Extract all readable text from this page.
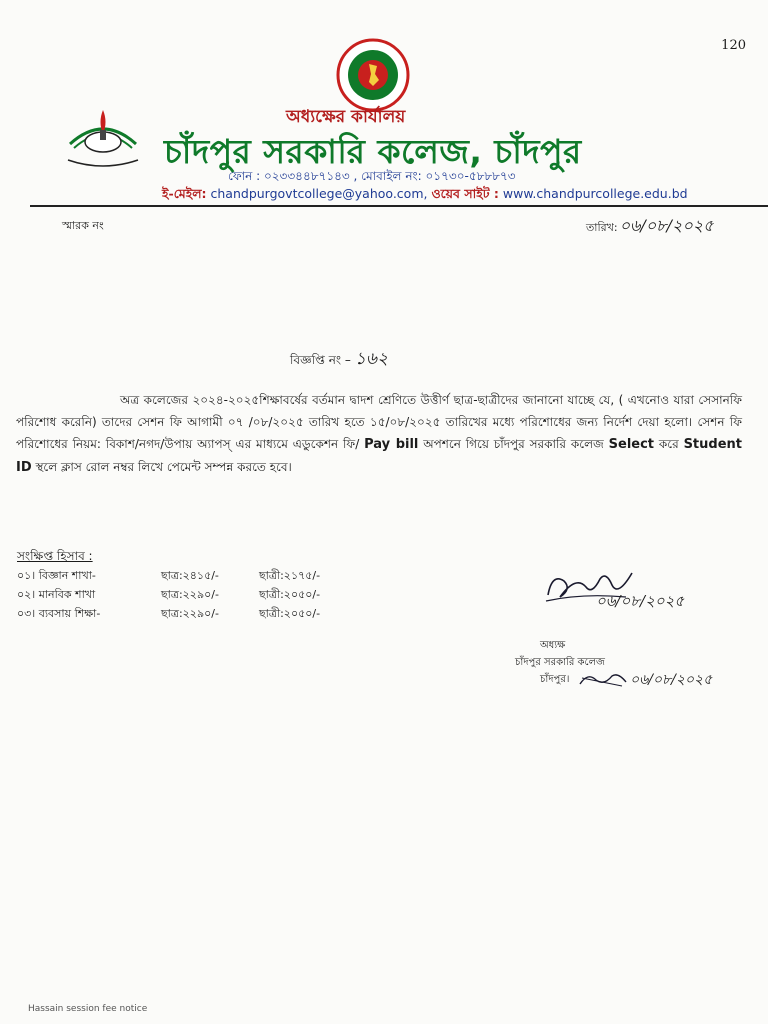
120
অধ্যক্ষের কার্যালয়
চাঁদপুর সরকারি কলেজ, চাঁদপুর
ফোন : ০২৩৩৪৪৮৭১৪৩ , মোবাইল নং: ০১৭৩০-৫৮৮৮৭৩
ই-মেইল: chandpurgovtcollege@yahoo.com, ওয়েব সাইট : www.chandpurcollege.edu.bd
স্মারক নং	তারিখ: ০৬/০৮/২০২৫
বিজ্ঞপ্তি নং – ১৬২
অত্র কলেজের ২০২৪-২০২৫শিক্ষাবর্ষের বর্তমান দ্বাদশ শ্রেণিতে উত্তীর্ণ ছাত্র-ছাত্রীদের জানানো যাচ্ছে যে, ( এখনোও যারা সেসানফি পরিশোধ করেনি) তাদের সেশন ফি আগামী ০৭ /০৮/২০২৫ তারিখ হতে ১৫/০৮/২০২৫ তারিখের মধ্যে পরিশোধের জন্য নির্দেশ দেয়া হলো। সেশন ফি পরিশোধের নিয়ম: বিকাশ/নগদ/উপায় অ্যাপস্ এর মাধ্যমে এডুকেশন ফি/ Pay bill অপশনে গিয়ে চাঁদপুর সরকারি কলেজ Select করে Student ID স্থলে ক্লাস রোল নম্বর লিখে পেমেন্ট সম্পন্ন করতে হবে।
সংক্ষিপ্ত হিসাব :
০১। বিজ্ঞান শাখা-	ছাত্র:২৪১৫/-	ছাত্রী:২১৭৫/-
০২। মানবিক শাখা	ছাত্র:২২৯০/-	ছাত্রী:২০৫০/-
০৩। ব্যবসায় শিক্ষা-	ছাত্র:২২৯০/-	ছাত্রী:২০৫০/-
০৬/০৮/২০২৫
অধ্যক্ষ
চাঁদপুর সরকারি কলেজ
চাঁদপুর।	০৬/০৮/২০২৫
Hassain session fee notice
